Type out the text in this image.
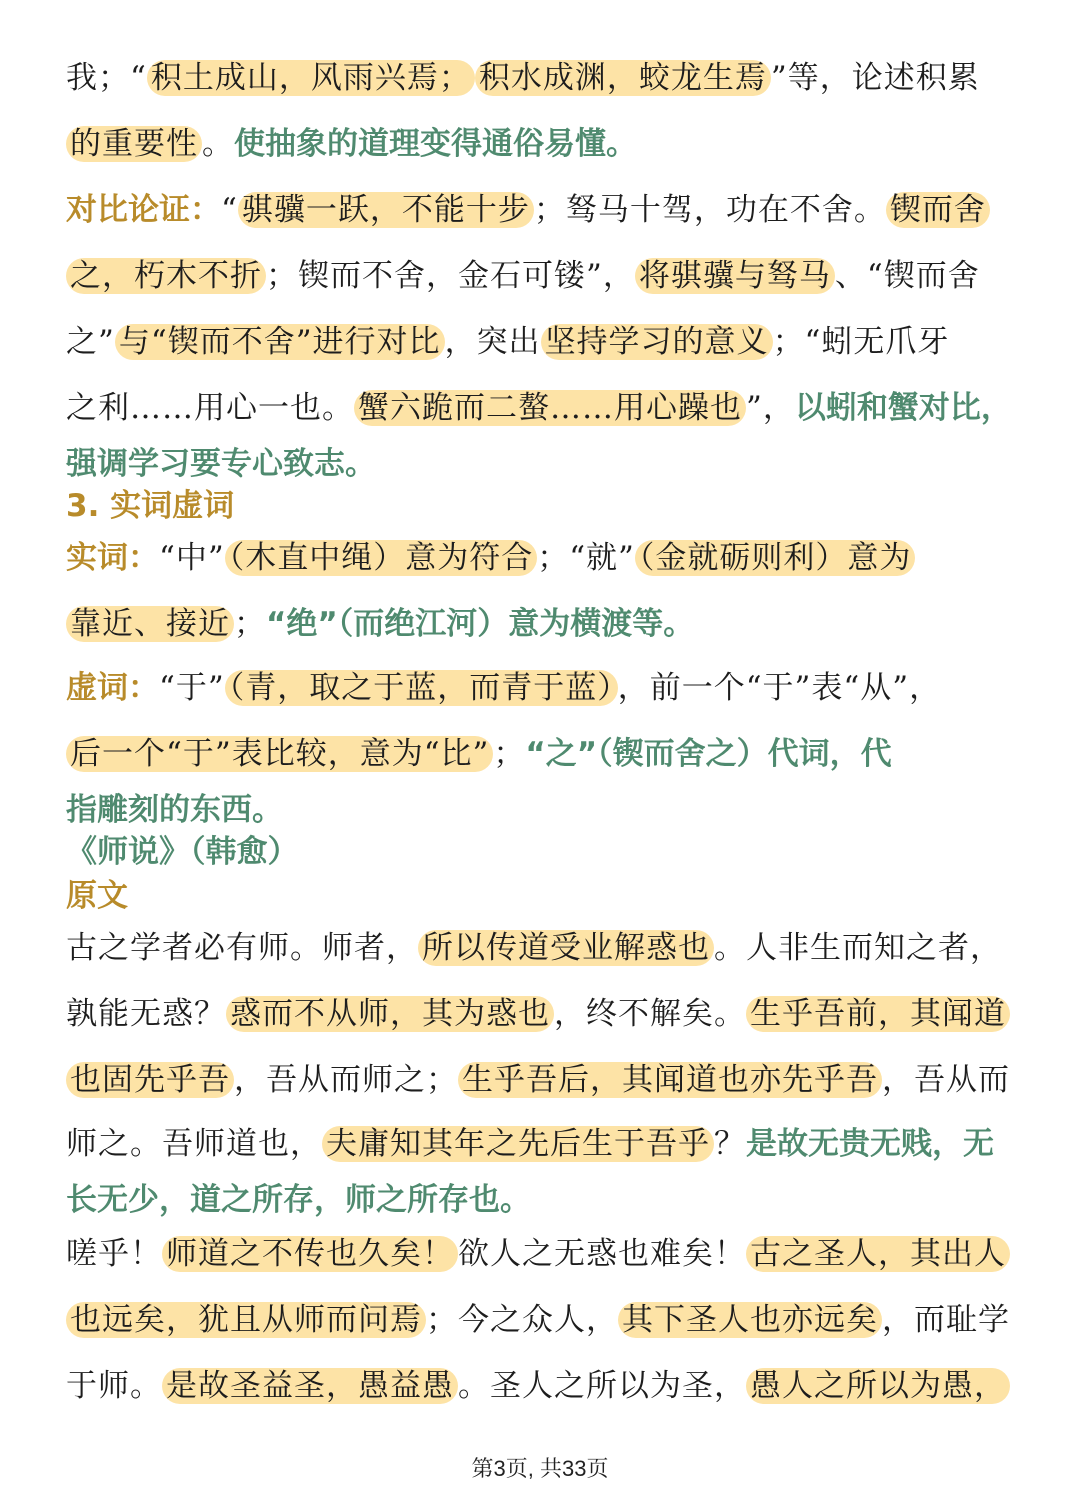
我；“ 积土成山，风雨兴焉； 积水成渊，蛟龙生焉 ”等，论述积累
的重要性 。使抽象的道理变得通俗易懂。
对比论证：“ 骐骥一跃，不能十步 ；驽马十驾，功在不舍。 锲而舍
之，朽木不折 ；锲而不舍，金石可镂”， 将骐骥与驽马 、“锲而舍
之” 与“锲而不舍”进行对比 ，突出 坚持学习的意义 ；“蚓无爪牙
之利……用心一也。 蟹六跪而二螯……用心躁也 ”，以蚓和蟹对比，
强调学习要专心致志。
3. 实词虚词
实词：“中” （木直中绳）意为符合 ；“就” （金就砺则利）意为
靠近、接近 ；“绝”（而绝江河）意为横渡等。
虚词：“于” （青，取之于蓝，而青于蓝） ，前一个“于”表“从”，
后一个“于”表比较，意为“比” ；“之”（锲而舍之）代词，代
指雕刻的东西。
《师说》（韩愈）
原文
古之学者必有师。师者， 所以传道受业解惑也 。人非生而知之者，
孰能无惑？ 惑而不从师，其为惑也 ，终不解矣。 生乎吾前，其闻道
也固先乎吾 ，吾从而师之； 生乎吾后，其闻道也亦先乎吾 ，吾从而
师之。吾师道也， 夫庸知其年之先后生于吾乎 ？是故无贵无贱，无
长无少，道之所存，师之所存也。
嗟乎！ 师道之不传也久矣！ 欲人之无惑也难矣！ 古之圣人，其出人
也远矣，犹且从师而问焉 ；今之众人， 其下圣人也亦远矣 ，而耻学
于师。 是故圣益圣，愚益愚 。圣人之所以为圣， 愚人之所以为愚，
第3页, 共33页
